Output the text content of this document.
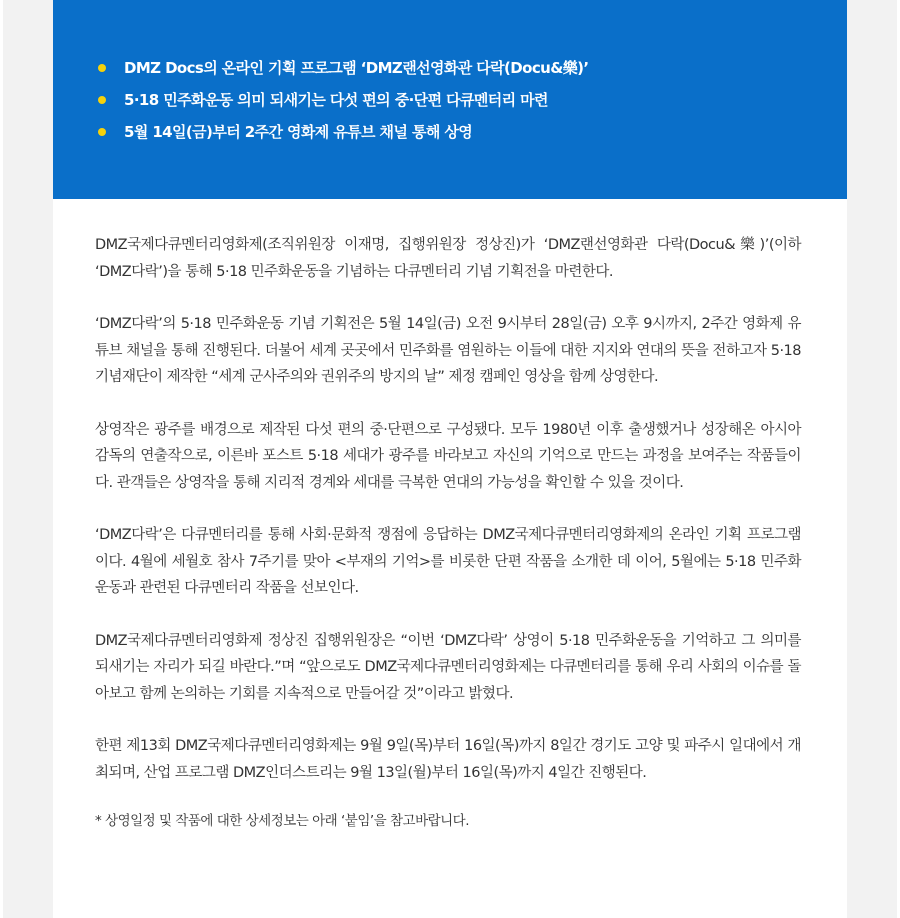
DMZ Docs의 온라인 기획 프로그램 ‘DMZ랜선영화관 다락(Docu&樂)’
5·18 민주화운동 의미 되새기는 다섯 편의 중·단편 다큐멘터리 마련
5월 14일(금)부터 2주간 영화제 유튜브 채널 통해 상영

DMZ국제다큐멘터리영화제(조직위원장 이재명, 집행위원장 정상진)가 ‘DMZ랜선영화관 다락(Docu&樂)’(이하 ‘DMZ다락’)을 통해 5·18 민주화운동을 기념하는 다큐멘터리 기념 기획전을 마련한다.

‘DMZ다락’의 5·18 민주화운동 기념 기획전은 5월 14일(금) 오전 9시부터 28일(금) 오후 9시까지, 2주간 영화제 유튜브 채널을 통해 진행된다. 더불어 세계 곳곳에서 민주화를 염원하는 이들에 대한 지지와 연대의 뜻을 전하고자 5·18기념재단이 제작한 “세계 군사주의와 권위주의 방지의 날” 제정 캠페인 영상을 함께 상영한다.

상영작은 광주를 배경으로 제작된 다섯 편의 중·단편으로 구성됐다. 모두 1980년 이후 출생했거나 성장해온 아시아 감독의 연출작으로, 이른바 포스트 5·18 세대가 광주를 바라보고 자신의 기억으로 만드는 과정을 보여주는 작품들이다. 관객들은 상영작을 통해 지리적 경계와 세대를 극복한 연대의 가능성을 확인할 수 있을 것이다.

‘DMZ다락’은 다큐멘터리를 통해 사회·문화적 쟁점에 응답하는 DMZ국제다큐멘터리영화제의 온라인 기획 프로그램이다. 4월에 세월호 참사 7주기를 맞아 <부재의 기억>를 비롯한 단편 작품을 소개한 데 이어, 5월에는 5·18 민주화운동과 관련된 다큐멘터리 작품을 선보인다.

DMZ국제다큐멘터리영화제 정상진 집행위원장은 “이번 ‘DMZ다락’ 상영이 5·18 민주화운동을 기억하고 그 의미를 되새기는 자리가 되길 바란다.”며 “앞으로도 DMZ국제다큐멘터리영화제는 다큐멘터리를 통해 우리 사회의 이슈를 돌아보고 함께 논의하는 기회를 지속적으로 만들어갈 것”이라고 밝혔다.

한편 제13회 DMZ국제다큐멘터리영화제는 9월 9일(목)부터 16일(목)까지 8일간 경기도 고양 및 파주시 일대에서 개최되며, 산업 프로그램 DMZ인더스트리는 9월 13일(월)부터 16일(목)까지 4일간 진행된다.

* 상영일정 및 작품에 대한 상세정보는 아래 ‘붙임’을 참고바랍니다.
